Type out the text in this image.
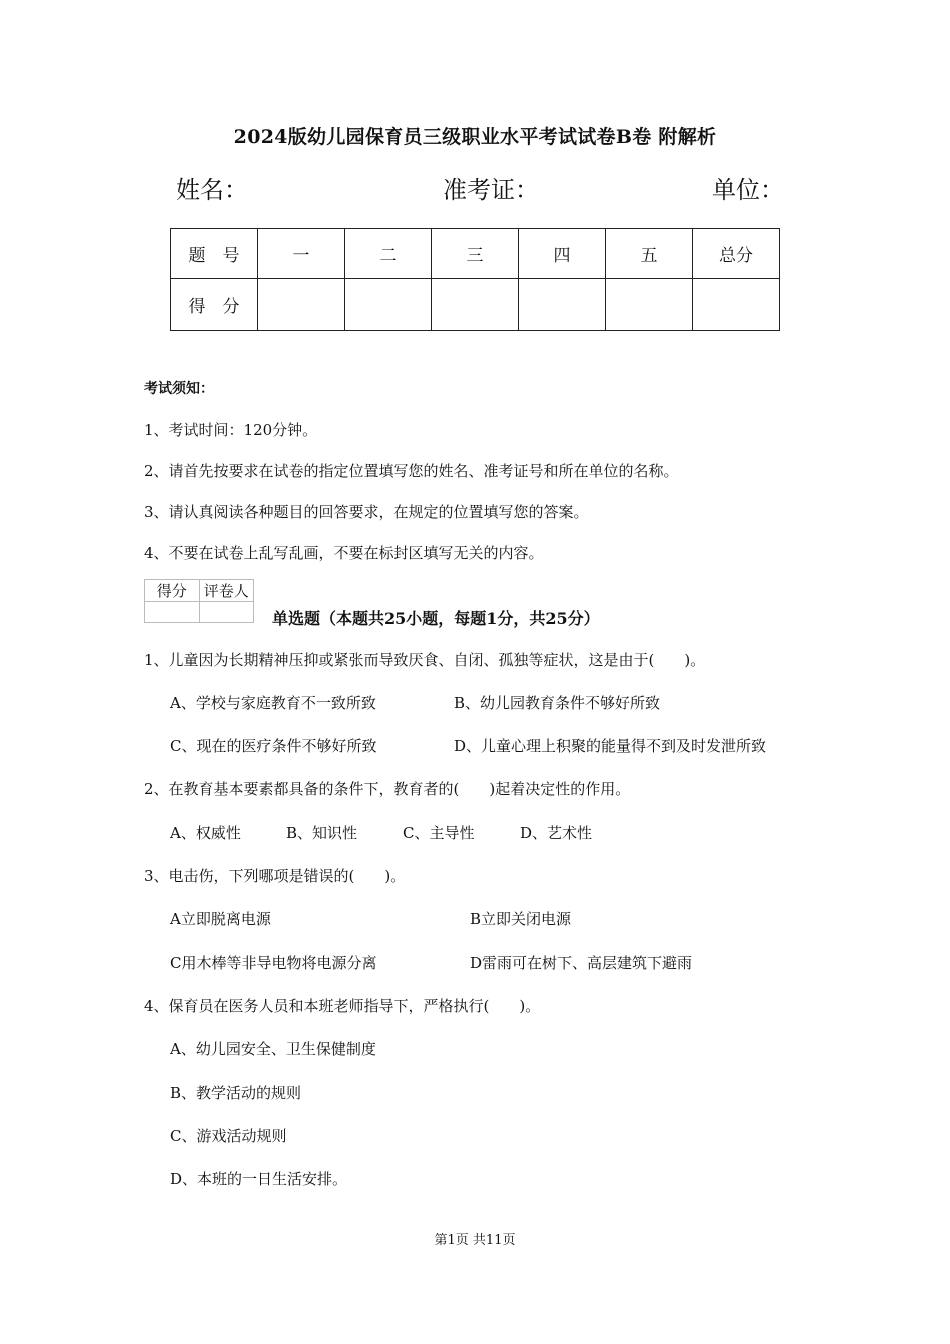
2024版幼儿园保育员三级职业水平考试试卷B卷 附解析
姓名：	准考证：	单位：
题　号	一	二	三	四	五	总分
得　分						
考试须知：
1、考试时间：120分钟。
2、请首先按要求在试卷的指定位置填写您的姓名、准考证号和所在单位的名称。
3、请认真阅读各种题目的回答要求，在规定的位置填写您的答案。
4、不要在试卷上乱写乱画，不要在标封区填写无关的内容。
得分	评卷人

单选题（本题共25小题，每题1分，共25分）
1、儿童因为长期精神压抑或紧张而导致厌食、自闭、孤独等症状，这是由于(　　)。
A、学校与家庭教育不一致所致	B、幼儿园教育条件不够好所致
C、现在的医疗条件不够好所致	D、儿童心理上积聚的能量得不到及时发泄所致
2、在教育基本要素都具备的条件下，教育者的(　　)起着决定性的作用。
A、权威性	B、知识性	C、主导性	D、艺术性
3、电击伤，下列哪项是错误的(　　)。
A立即脱离电源	B立即关闭电源
C用木棒等非导电物将电源分离	D雷雨可在树下、高层建筑下避雨
4、保育员在医务人员和本班老师指导下，严格执行(　　)。
A、幼儿园安全、卫生保健制度
B、教学活动的规则
C、游戏活动规则
D、本班的一日生活安排。
第1页 共11页
